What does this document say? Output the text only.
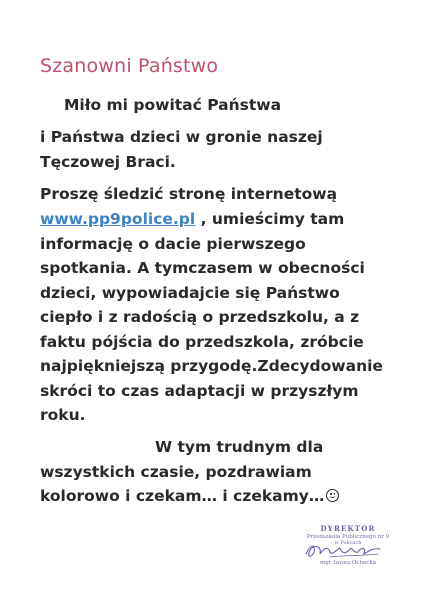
Szanowni Państwo

Miło mi powitać Państwa

i Państwa dzieci w gronie naszej

Tęczowej Braci.

Proszę śledzić stronę internetową

www.pp9police.pl , umieścimy tam

informację o dacie pierwszego

spotkania. A tymczasem w obecności

dzieci, wypowiadajcie się Państwo

ciepło i z radością o przedszkolu, a z

faktu pójścia do przedszkola, zróbcie

najpiękniejszą przygodę.Zdecydowanie

skróci to czas adaptacji w przyszłym

roku.

W tym trudnym dla

wszystkich czasie, pozdrawiam

kolorowo i czekam… i czekamy…

DYREKTOR
Przedszkola Publicznego nr 9
w Policach
mgr Iwona Ochocka
